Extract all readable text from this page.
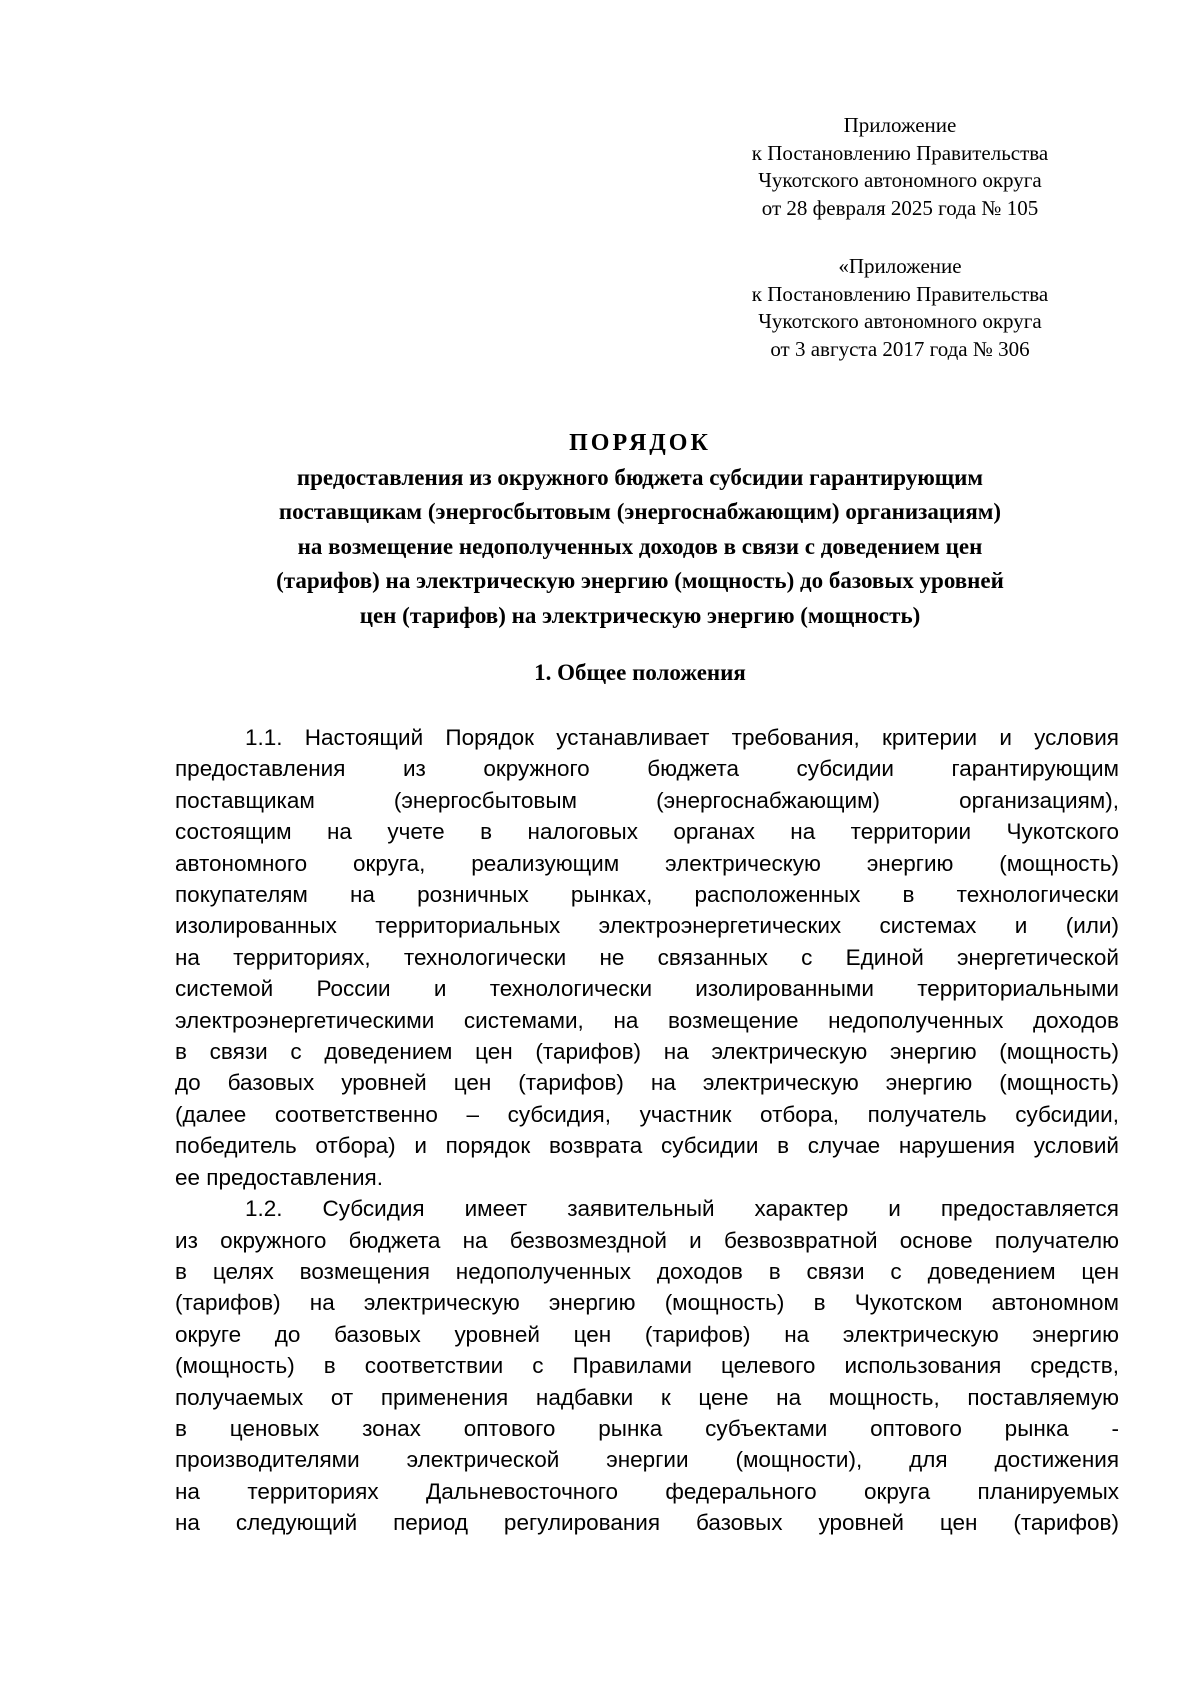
Приложение
к Постановлению Правительства
Чукотского автономного округа
от 28 февраля 2025 года № 105
«Приложение
к Постановлению Правительства
Чукотского автономного округа
от 3 августа 2017 года № 306
ПОРЯДОК
предоставления из окружного бюджета субсидии гарантирующим
поставщикам (энергосбытовым (энергоснабжающим) организациям)
на возмещение недополученных доходов в связи с доведением цен
(тарифов) на электрическую энергию (мощность) до базовых уровней
цен (тарифов) на электрическую энергию (мощность)
1. Общее положения
1.1. Настоящий Порядок устанавливает требования, критерии и условия
предоставления из окружного бюджета субсидии гарантирующим
поставщикам (энергосбытовым (энергоснабжающим) организациям),
состоящим на учете в налоговых органах на территории Чукотского
автономного округа, реализующим электрическую энергию (мощность)
покупателям на розничных рынках, расположенных в технологически
изолированных территориальных электроэнергетических системах и (или)
на территориях, технологически не связанных с Единой энергетической
системой России и технологически изолированными территориальными
электроэнергетическими системами, на возмещение недополученных доходов
в связи с доведением цен (тарифов) на электрическую энергию (мощность)
до базовых уровней цен (тарифов) на электрическую энергию (мощность)
(далее соответственно – субсидия, участник отбора, получатель субсидии,
победитель отбора) и порядок возврата субсидии в случае нарушения условий
ее предоставления.
1.2. Субсидия имеет заявительный характер и предоставляется
из окружного бюджета на безвозмездной и безвозвратной основе получателю
в целях возмещения недополученных доходов в связи с доведением цен
(тарифов) на электрическую энергию (мощность) в Чукотском автономном
округе до базовых уровней цен (тарифов) на электрическую энергию
(мощность) в соответствии с Правилами целевого использования средств,
получаемых от применения надбавки к цене на мощность, поставляемую
в ценовых зонах оптового рынка субъектами оптового рынка -
производителями электрической энергии (мощности), для достижения
на территориях Дальневосточного федерального округа планируемых
на следующий период регулирования базовых уровней цен (тарифов)
